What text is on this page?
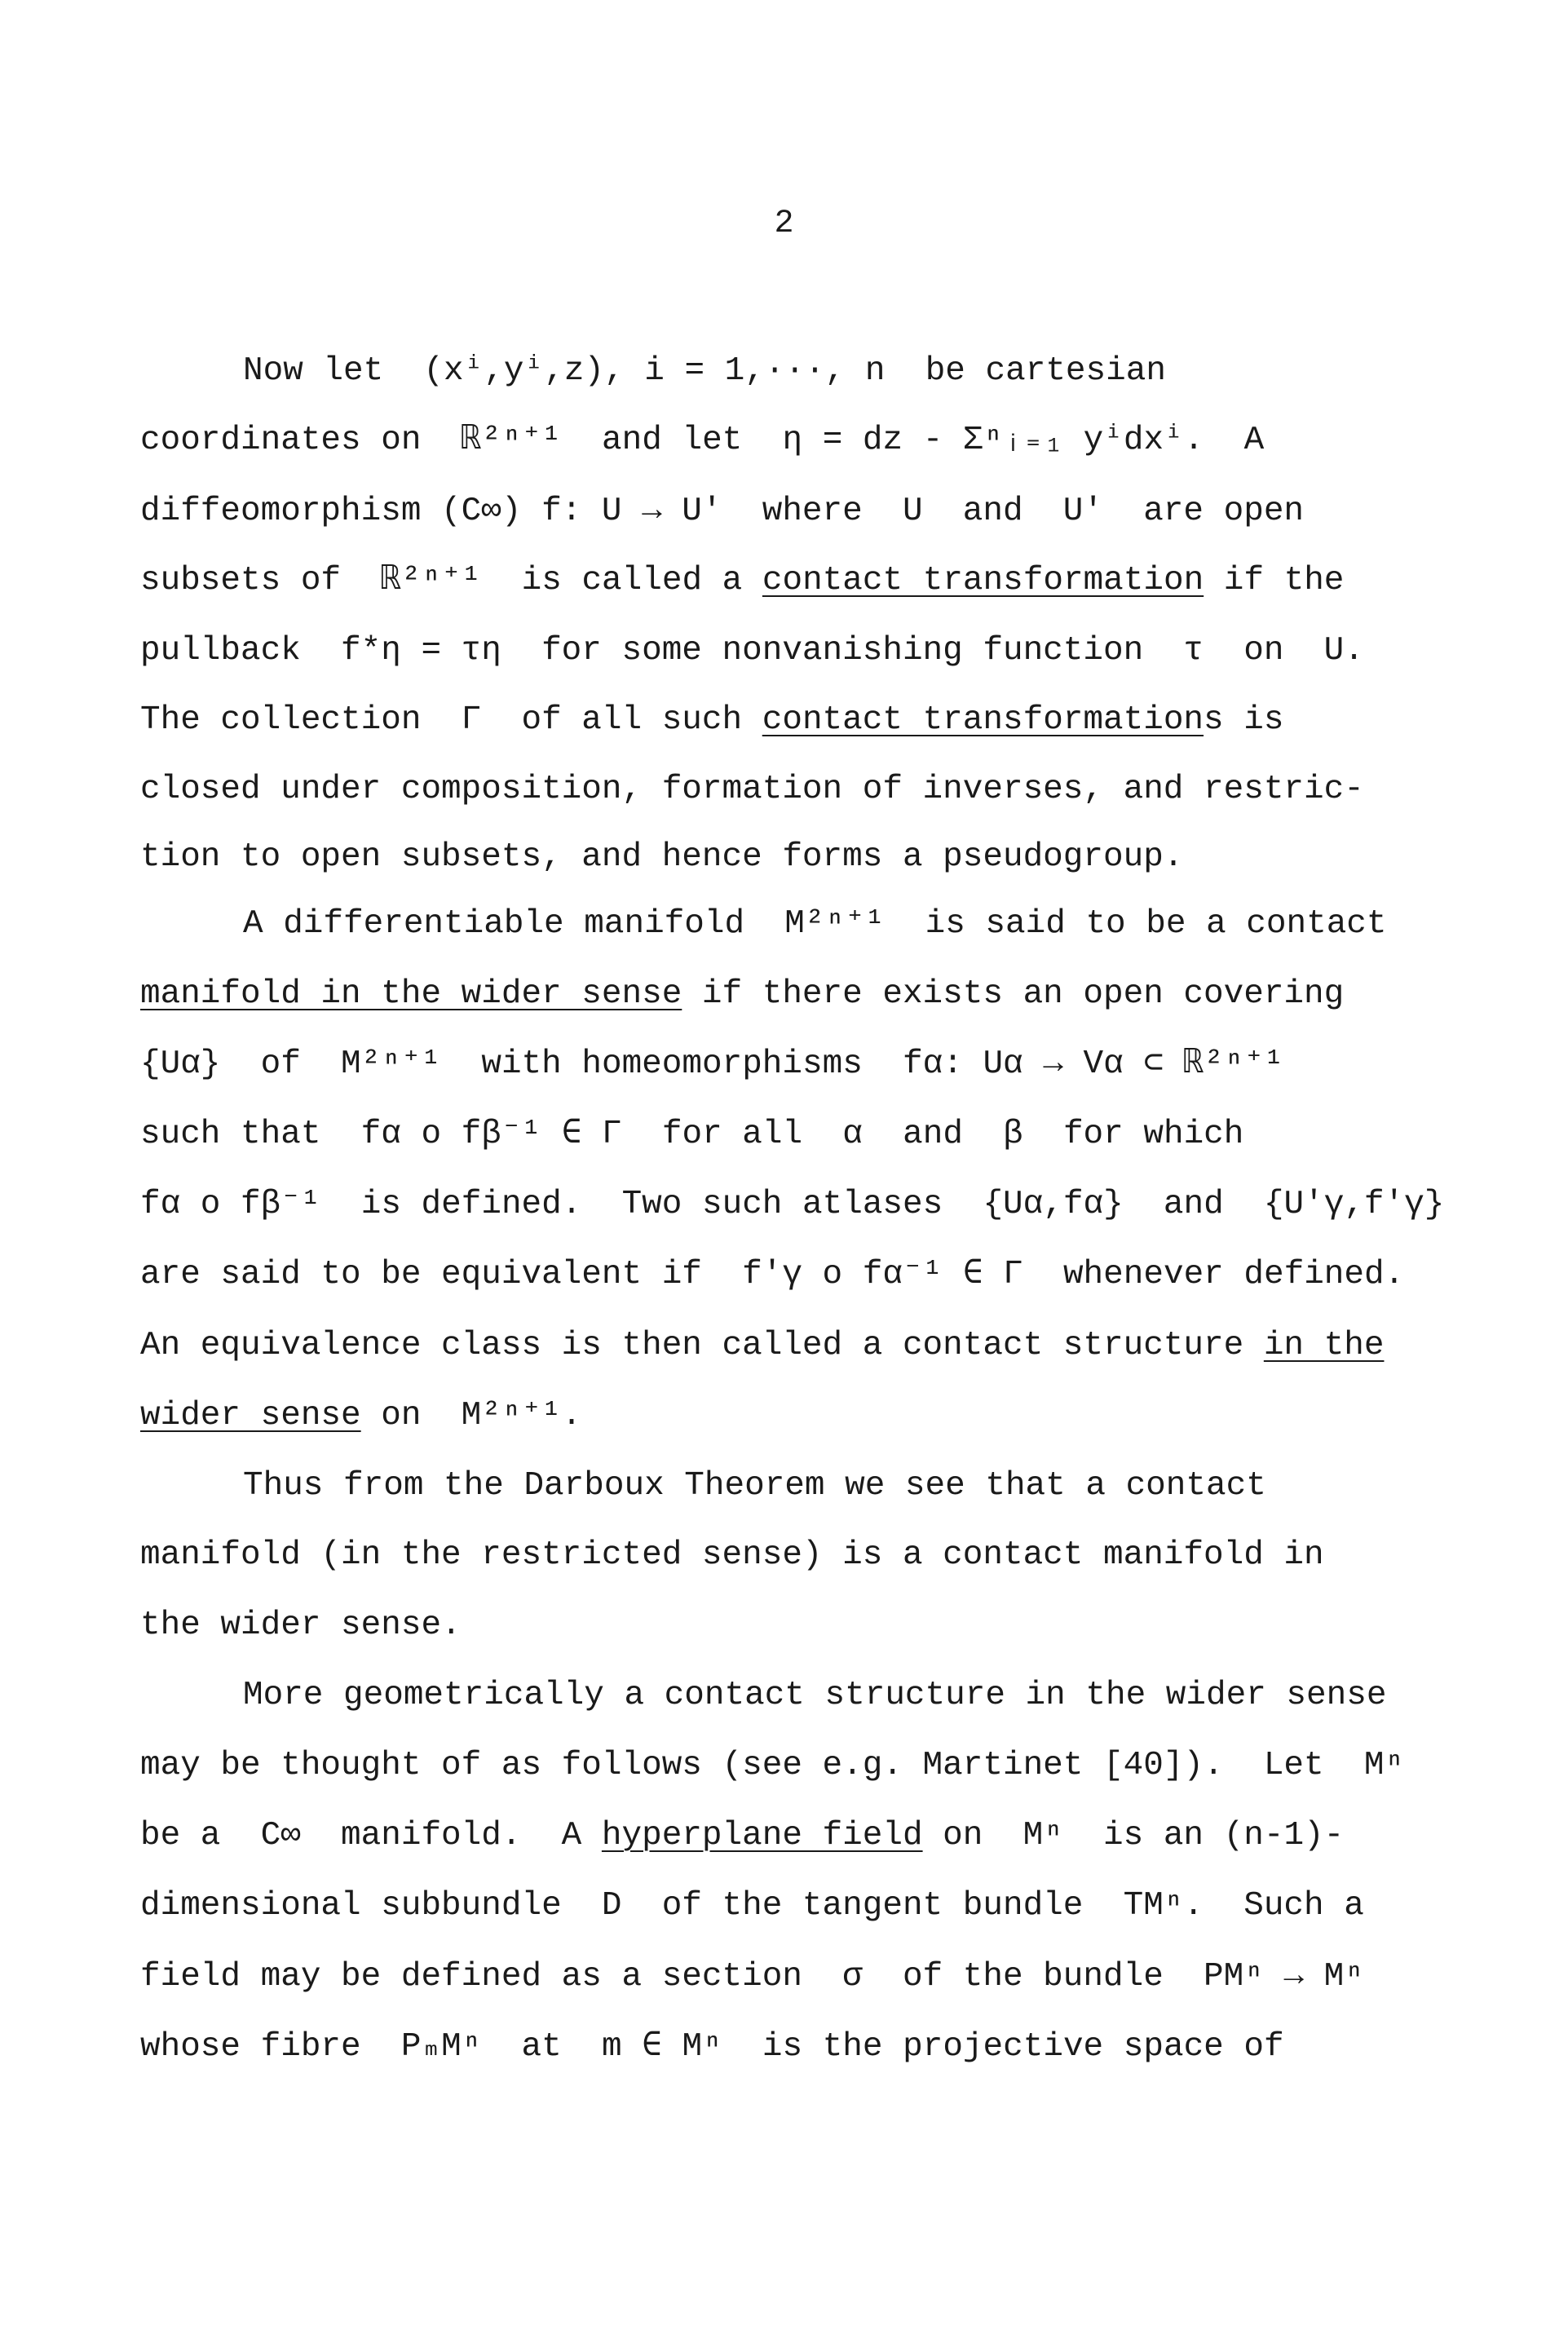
2
Now let  (xⁱ,yⁱ,z), i = 1,···, n  be cartesian
coordinates on  ℝ²ⁿ⁺¹  and let  η = dz - Σⁿᵢ₌₁ yⁱdxⁱ.  A
diffeomorphism (C∞) f: U → U′  where  U  and  U′  are open
subsets of  ℝ²ⁿ⁺¹  is called a contact transformation if the
pullback  f*η = τη  for some nonvanishing function  τ  on  U.
The collection  Γ  of all such contact transformations is
closed under composition, formation of inverses, and restric-
tion to open subsets, and hence forms a pseudogroup.
A differentiable manifold  M²ⁿ⁺¹  is said to be a contact
manifold in the wider sense if there exists an open covering
{Uα}  of  M²ⁿ⁺¹  with homeomorphisms  fα: Uα → Vα ⊂ ℝ²ⁿ⁺¹
such that  fα o fβ⁻¹ ∈ Γ  for all  α  and  β  for which
fα o fβ⁻¹  is defined.  Two such atlases  {Uα,fα}  and  {U′γ,f′γ}
are said to be equivalent if  f′γ o fα⁻¹ ∈ Γ  whenever defined.
An equivalence class is then called a contact structure in the
wider sense on  M²ⁿ⁺¹.
Thus from the Darboux Theorem we see that a contact
manifold (in the restricted sense) is a contact manifold in
the wider sense.
More geometrically a contact structure in the wider sense
may be thought of as follows (see e.g. Martinet [40]).  Let  Mⁿ
be a  C∞  manifold.  A hyperplane field on  Mⁿ  is an (n-1)-
dimensional subbundle  D  of the tangent bundle  TMⁿ.  Such a
field may be defined as a section  σ  of the bundle  PMⁿ → Mⁿ
whose fibre  PₘMⁿ  at  m ∈ Mⁿ  is the projective space of
